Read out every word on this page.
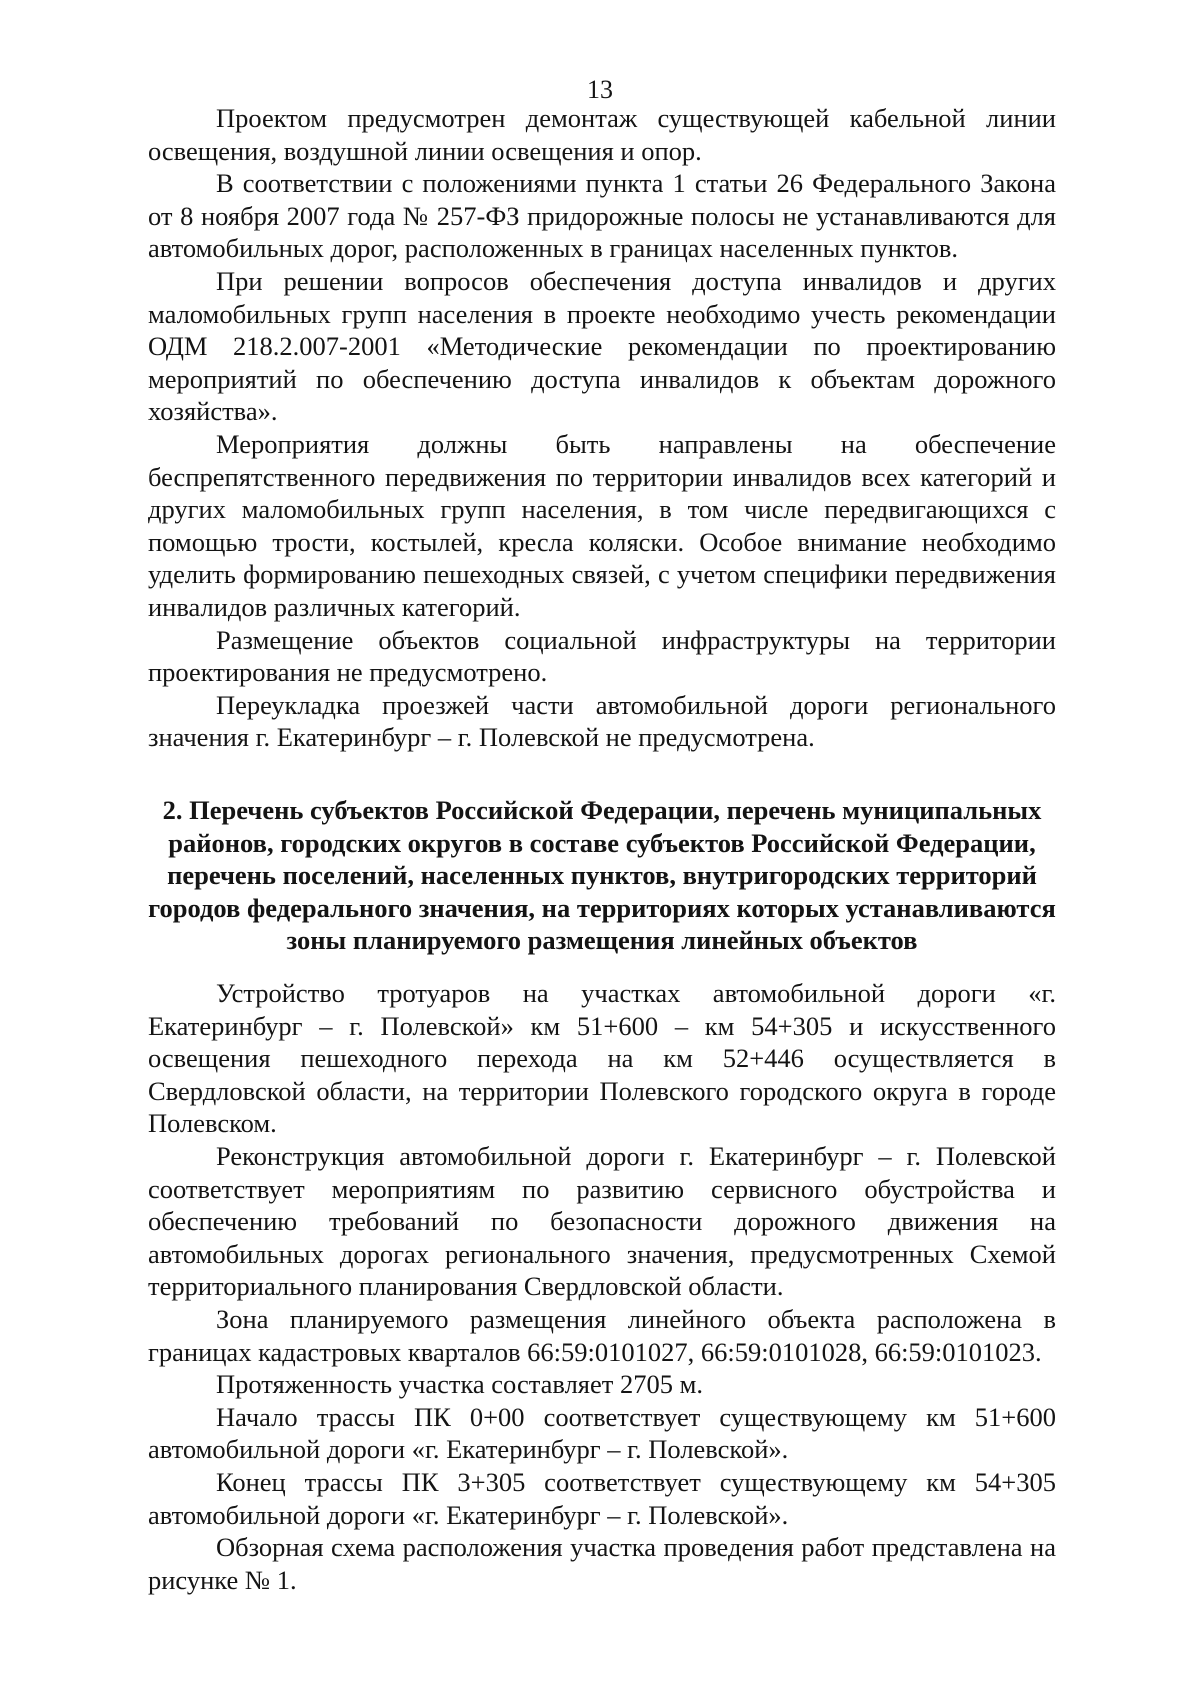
13

Проектом предусмотрен демонтаж существующей кабельной линии освещения, воздушной линии освещения и опор.

В соответствии с положениями пункта 1 статьи 26 Федерального Закона от 8 ноября 2007 года № 257-ФЗ придорожные полосы не устанавливаются для автомобильных дорог, расположенных в границах населенных пунктов.

При решении вопросов обеспечения доступа инвалидов и других маломобильных групп населения в проекте необходимо учесть рекомендации ОДМ 218.2.007-2001 «Методические рекомендации по проектированию мероприятий по обеспечению доступа инвалидов к объектам дорожного хозяйства».

Мероприятия должны быть направлены на обеспечение беспрепятственного передвижения по территории инвалидов всех категорий и других маломобильных групп населения, в том числе передвигающихся с помощью трости, костылей, кресла коляски. Особое внимание необходимо уделить формированию пешеходных связей, с учетом специфики передвижения инвалидов различных категорий.

Размещение объектов социальной инфраструктуры на территории проектирования не предусмотрено.

Переукладка проезжей части автомобильной дороги регионального значения г. Екатеринбург – г. Полевской не предусмотрена.

2. Перечень субъектов Российской Федерации, перечень муниципальных районов, городских округов в составе субъектов Российской Федерации, перечень поселений, населенных пунктов, внутригородских территорий городов федерального значения, на территориях которых устанавливаются зоны планируемого размещения линейных объектов

Устройство тротуаров на участках автомобильной дороги «г. Екатеринбург – г. Полевской» км 51+600 – км 54+305 и искусственного освещения пешеходного перехода на км 52+446 осуществляется в Свердловской области, на территории Полевского городского округа в городе Полевском.

Реконструкция автомобильной дороги г. Екатеринбург – г. Полевской соответствует мероприятиям по развитию сервисного обустройства и обеспечению требований по безопасности дорожного движения на автомобильных дорогах регионального значения, предусмотренных Схемой территориального планирования Свердловской области.

Зона планируемого размещения линейного объекта расположена в границах кадастровых кварталов 66:59:0101027, 66:59:0101028, 66:59:0101023.

Протяженность участка составляет 2705 м.

Начало трассы ПК 0+00 соответствует существующему км 51+600 автомобильной дороги «г. Екатеринбург – г. Полевской».

Конец трассы ПК 3+305 соответствует существующему км 54+305 автомобильной дороги «г. Екатеринбург – г. Полевской».

Обзорная схема расположения участка проведения работ представлена на рисунке № 1.
